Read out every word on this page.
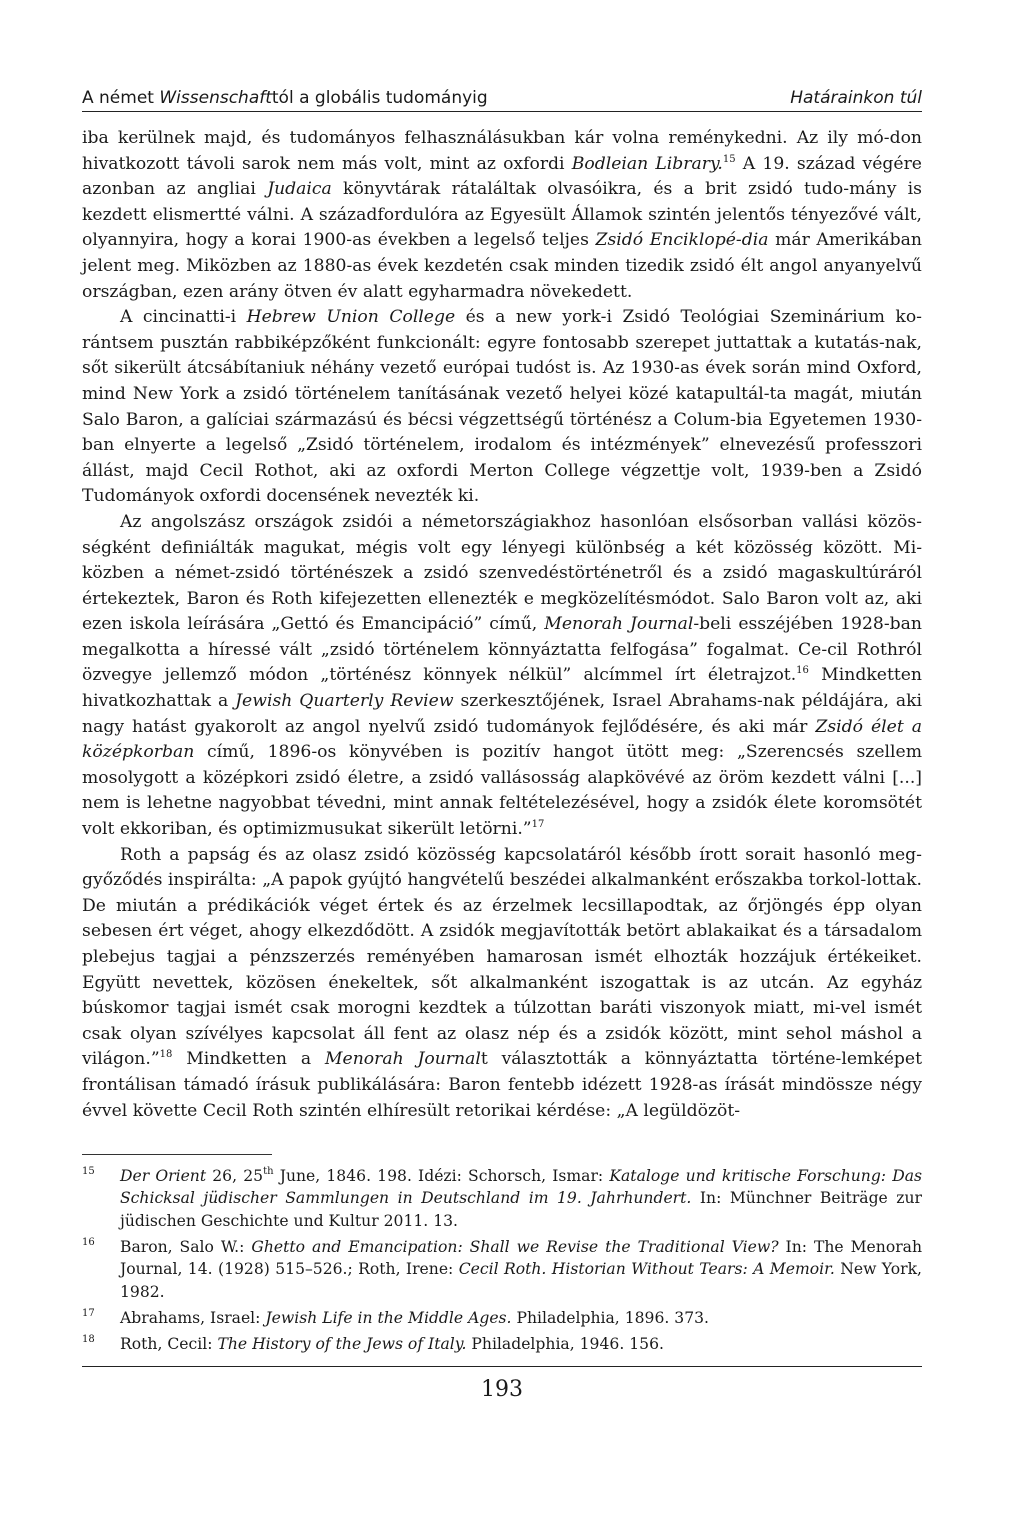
A német Wissenschafttól a globális tudományig	Határainkon túl

iba kerülnek majd, és tudományos felhasználásukban kár volna reménykedni. Az ily mó-don hivatkozott távoli sarok nem más volt, mint az oxfordi Bodleian Library.$^{15}$ A 19. század végére azonban az angliai Judaica könyvtárak rátaláltak olvasóikra, és a brit zsidó tudo-mány is kezdett elismertté válni. A századfordulóra az Egyesült Államok szintén jelentős tényezővé vált, olyannyira, hogy a korai 1900-as években a legelső teljes Zsidó Enciklopé-dia már Amerikában jelent meg. Miközben az 1880-as évek kezdetén csak minden tizedik zsidó élt angol anyanyelvű országban, ezen arány ötven év alatt egyharmadra növekedett.

A cincinatti-i Hebrew Union College és a new york-i Zsidó Teológiai Szeminárium ko-rántsem pusztán rabbiképzőként funkcionált: egyre fontosabb szerepet juttattak a kutatás-nak, sőt sikerült átcsábítaniuk néhány vezető európai tudóst is. Az 1930-as évek során mind Oxford, mind New York a zsidó történelem tanításának vezető helyei közé katapultál-ta magát, miután Salo Baron, a galíciai származású és bécsi végzettségű történész a Colum-bia Egyetemen 1930-ban elnyerte a legelső „Zsidó történelem, irodalom és intézmények” elnevezésű professzori állást, majd Cecil Rothot, aki az oxfordi Merton College végzettje volt, 1939-ben a Zsidó Tudományok oxfordi docensének nevezték ki.

Az angolszász országok zsidói a németországiakhoz hasonlóan elsősorban vallási közös-ségként definiálták magukat, mégis volt egy lényegi különbség a két közösség között. Mi-közben a német-zsidó történészek a zsidó szenvedéstörténetről és a zsidó magaskultúráról értekeztek, Baron és Roth kifejezetten ellenezték e megközelítésmódot. Salo Baron volt az, aki ezen iskola leírására „Gettó és Emancipáció” című, Menorah Journal-beli esszéjében 1928-ban megalkotta a híressé vált „zsidó történelem könnyáztatta felfogása” fogalmat. Ce-cil Rothról özvegye jellemző módon „történész könnyek nélkül” alcímmel írt életrajzot.$^{16}$ Mindketten hivatkozhattak a Jewish Quarterly Review szerkesztőjének, Israel Abrahams-nak példájára, aki nagy hatást gyakorolt az angol nyelvű zsidó tudományok fejlődésére, és aki már Zsidó élet a középkorban című, 1896-os könyvében is pozitív hangot ütött meg: „Szerencsés szellem mosolygott a középkori zsidó életre, a zsidó vallásosság alapkövévé az öröm kezdett válni [...] nem is lehetne nagyobbat tévedni, mint annak feltételezésével, hogy a zsidók élete koromsötét volt ekkoriban, és optimizmusukat sikerült letörni.”$^{17}$

Roth a papság és az olasz zsidó közösség kapcsolatáról később írott sorait hasonló meg-győződés inspirálta: „A papok gyújtó hangvételű beszédei alkalmanként erőszakba torkol-lottak. De miután a prédikációk véget értek és az érzelmek lecsillapodtak, az őrjöngés épp olyan sebesen ért véget, ahogy elkezdődött. A zsidók megjavították betört ablakaikat és a társadalom plebejus tagjai a pénzszerzés reményében hamarosan ismét elhozták hozzájuk értékeiket. Együtt nevettek, közösen énekeltek, sőt alkalmanként iszogattak is az utcán. Az egyház búskomor tagjai ismét csak morogni kezdtek a túlzottan baráti viszonyok miatt, mi-vel ismét csak olyan szívélyes kapcsolat áll fent az olasz nép és a zsidók között, mint sehol máshol a világon.”$^{18}$ Mindketten a Menorah Journalt választották a könnyáztatta történe-lemképet frontálisan támadó írásuk publikálására: Baron fentebb idézett 1928-as írását mindössze négy évvel követte Cecil Roth szintén elhíresült retorikai kérdése: „A legüldözöt-

15 Der Orient 26, 25th June, 1846. 198. Idézi: Schorsch, Ismar: Kataloge und kritische Forschung: Das Schicksal jüdischer Sammlungen in Deutschland im 19. Jahrhundert. In: Münchner Beiträge zur jüdischen Geschichte und Kultur 2011. 13.
16 Baron, Salo W.: Ghetto and Emancipation: Shall we Revise the Traditional View? In: The Menorah Journal, 14. (1928) 515–526.; Roth, Irene: Cecil Roth. Historian Without Tears: A Memoir. New York, 1982.
17 Abrahams, Israel: Jewish Life in the Middle Ages. Philadelphia, 1896. 373.
18 Roth, Cecil: The History of the Jews of Italy. Philadelphia, 1946. 156.
193
